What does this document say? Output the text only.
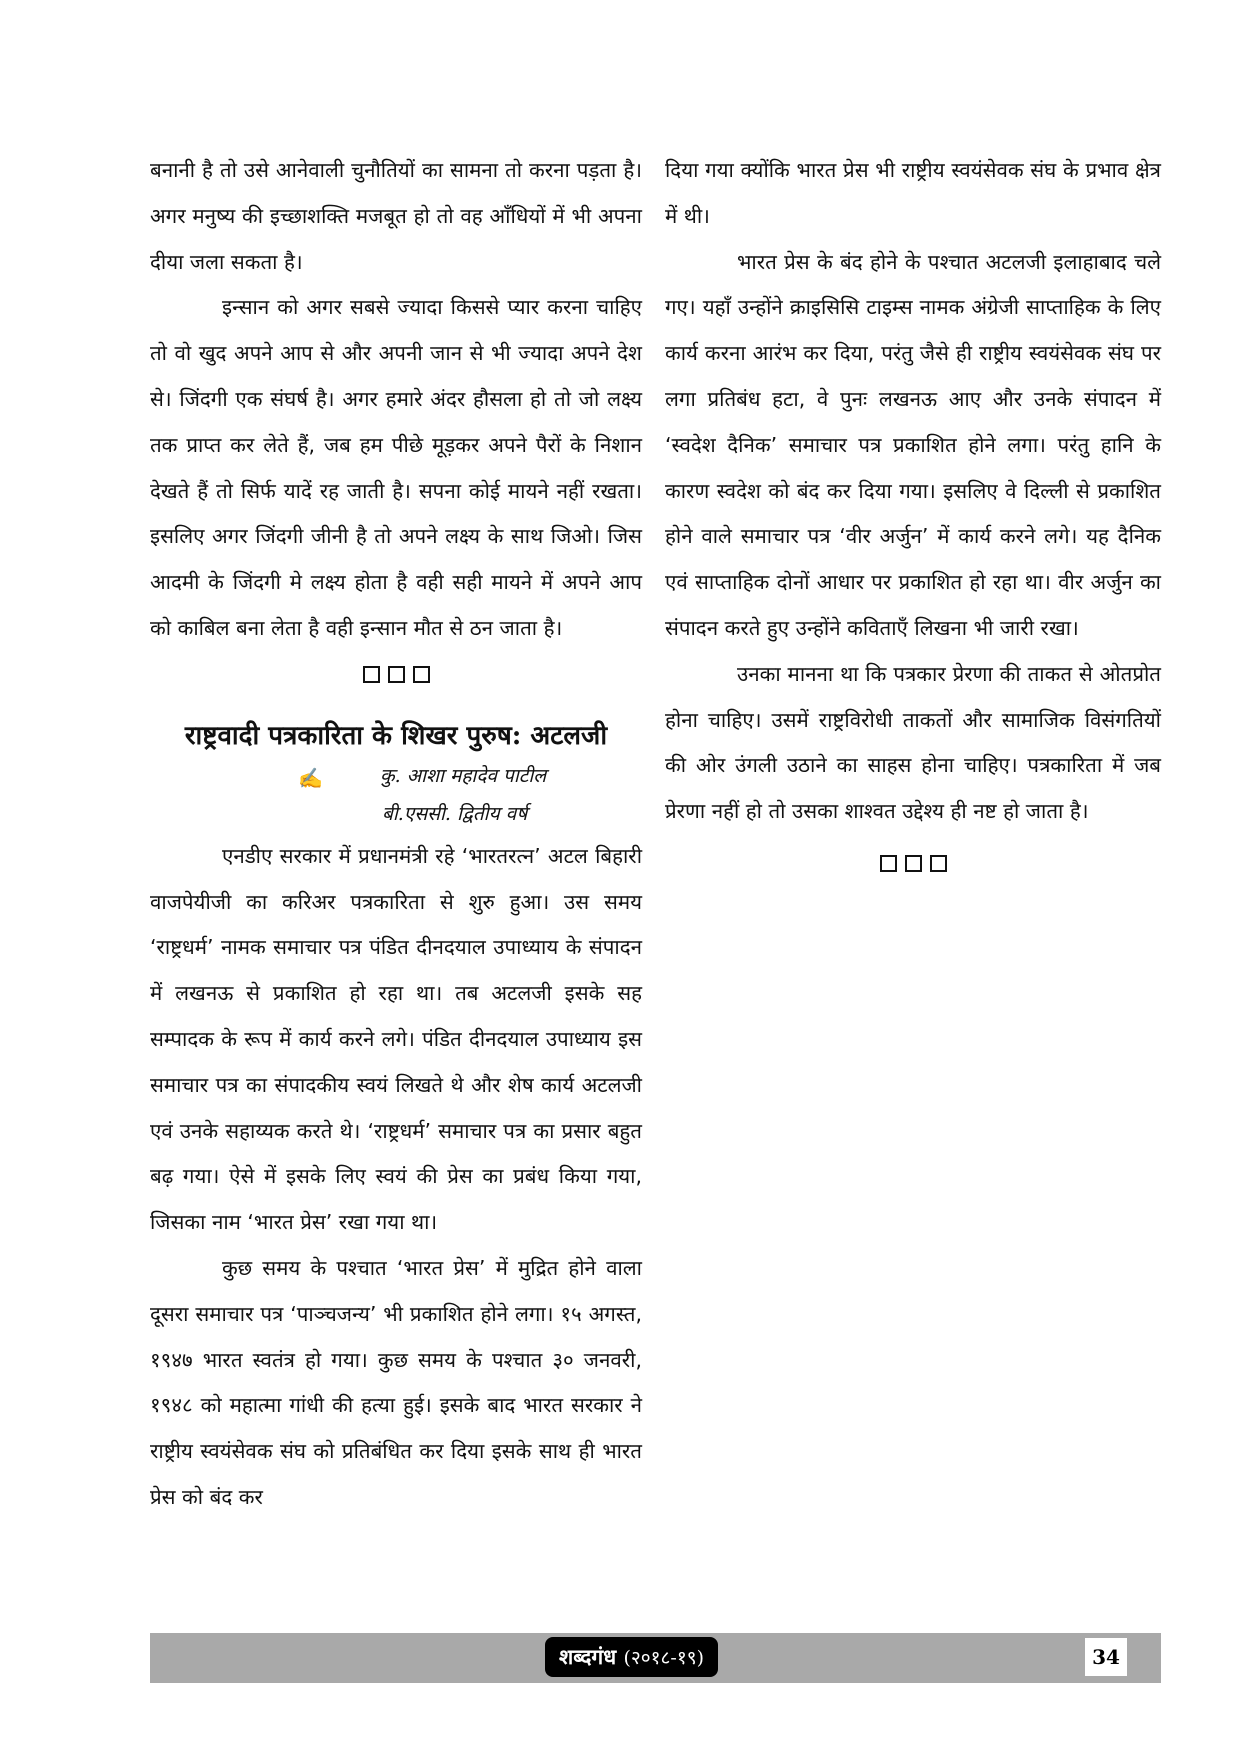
बनानी है तो उसे आनेवाली चुनौतियों का सामना तो करना पड़ता है। अगर मनुष्य की इच्छाशक्ति मजबूत हो तो वह आँधियों में भी अपना दीया जला सकता है।

इन्सान को अगर सबसे ज्यादा किससे प्यार करना चाहिए तो वो खुद अपने आप से और अपनी जान से भी ज्यादा अपने देश से। जिंदगी एक संघर्ष है। अगर हमारे अंदर हौसला हो तो जो लक्ष्य तक प्राप्त कर लेते हैं, जब हम पीछे मूड़कर अपने पैरों के निशान देखते हैं तो सिर्फ यादें रह जाती है। सपना कोई मायने नहीं रखता। इसलिए अगर जिंदगी जीनी है तो अपने लक्ष्य के साथ जिओ। जिस आदमी के जिंदगी मे लक्ष्य होता है वही सही मायने में अपने आप को काबिल बना लेता है वही इन्सान मौत से ठन जाता है।

राष्ट्रवादी पत्रकारिता के शिखर पुरुष: अटलजी
✍	कु. आशा महादेव पाटील
बी.एससी. द्वितीय वर्ष

एनडीए सरकार में प्रधानमंत्री रहे ‘भारतरत्न’ अटल बिहारी वाजपेयीजी का करिअर पत्रकारिता से शुरु हुआ। उस समय ‘राष्ट्रधर्म’ नामक समाचार पत्र पंडित दीनदयाल उपाध्याय के संपादन में लखनऊ से प्रकाशित हो रहा था। तब अटलजी इसके सह सम्पादक के रूप में कार्य करने लगे। पंडित दीनदयाल उपाध्याय इस समाचार पत्र का संपादकीय स्वयं लिखते थे और शेष कार्य अटलजी एवं उनके सहाय्यक करते थे। ‘राष्ट्रधर्म’ समाचार पत्र का प्रसार बहुत बढ़ गया। ऐसे में इसके लिए स्वयं की प्रेस का प्रबंध किया गया, जिसका नाम ‘भारत प्रेस’ रखा गया था।

कुछ समय के पश्चात ‘भारत प्रेस’ में मुद्रित होने वाला दूसरा समाचार पत्र ‘पाञ्चजन्य’ भी प्रकाशित होने लगा। १५ अगस्त, १९४७ भारत स्वतंत्र हो गया। कुछ समय के पश्चात ३० जनवरी, १९४८ को महात्मा गांधी की हत्या हुई। इसके बाद भारत सरकार ने राष्ट्रीय स्वयंसेवक संघ को प्रतिबंधित कर दिया इसके साथ ही भारत प्रेस को बंद कर

दिया गया क्योंकि भारत प्रेस भी राष्ट्रीय स्वयंसेवक संघ के प्रभाव क्षेत्र में थी।

भारत प्रेस के बंद होने के पश्चात अटलजी इलाहाबाद चले गए। यहाँ उन्होंने क्राइसिसि टाइम्स नामक अंग्रेजी साप्ताहिक के लिए कार्य करना आरंभ कर दिया, परंतु जैसे ही राष्ट्रीय स्वयंसेवक संघ पर लगा प्रतिबंध हटा, वे पुनः लखनऊ आए और उनके संपादन में ‘स्वदेश दैनिक’ समाचार पत्र प्रकाशित होने लगा। परंतु हानि के कारण स्वदेश को बंद कर दिया गया। इसलिए वे दिल्ली से प्रकाशित होने वाले समाचार पत्र ‘वीर अर्जुन’ में कार्य करने लगे। यह दैनिक एवं साप्ताहिक दोनों आधार पर प्रकाशित हो रहा था। वीर अर्जुन का संपादन करते हुए उन्होंने कविताएँ लिखना भी जारी रखा।

उनका मानना था कि पत्रकार प्रेरणा की ताकत से ओतप्रोत होना चाहिए। उसमें राष्ट्रविरोधी ताकतों और सामाजिक विसंगतियों की ओर उंगली उठाने का साहस होना चाहिए। पत्रकारिता में जब प्रेरणा नहीं हो तो उसका शाश्वत उद्देश्य ही नष्ट हो जाता है।

शब्दगंध (२०१८-१९)	34
